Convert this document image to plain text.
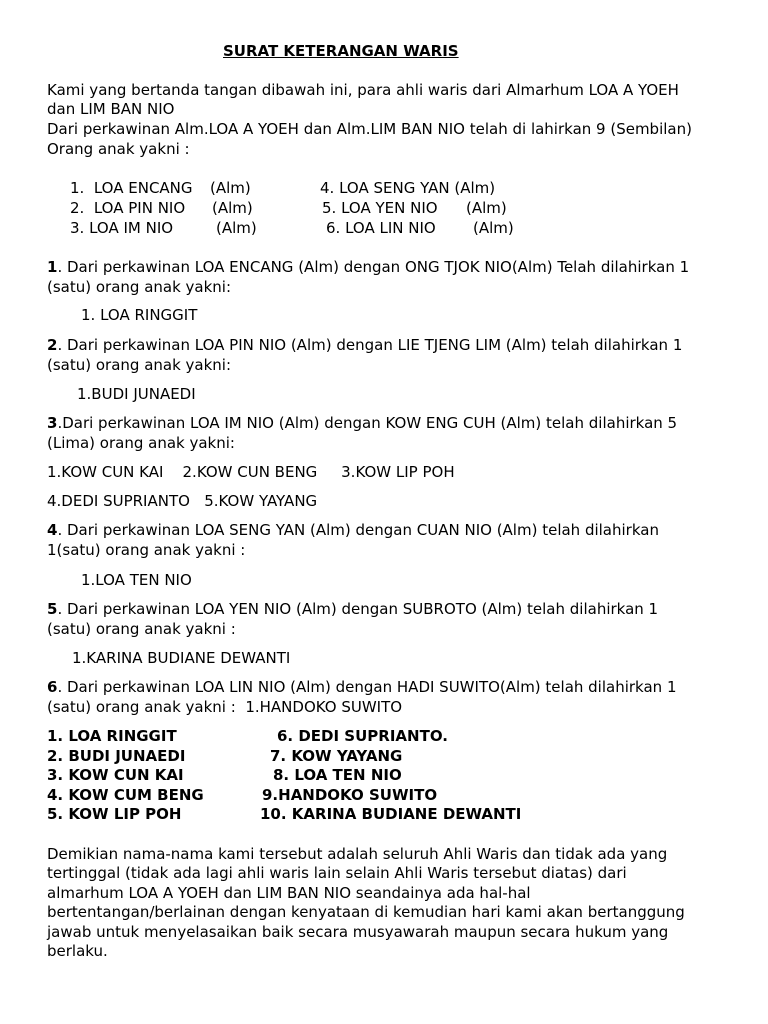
SURAT KETERANGAN WARIS
Kami yang bertanda tangan dibawah ini, para ahli waris dari Almarhum LOA A YOEH
dan LIM BAN NIO
Dari perkawinan Alm.LOA A YOEH dan Alm.LIM BAN NIO telah di lahirkan 9 (Sembilan)
Orang anak yakni :
1. LOA ENCANG (Alm)
2. LOA PIN NIO (Alm)
3. LOA IM NIO	(Alm)
4. LOA SENG YAN (Alm)
5. LOA YEN NIO (Alm)
6. LOA LIN NIO (Alm)
1. Dari perkawinan LOA ENCANG (Alm) dengan ONG TJOK NIO(Alm) Telah dilahirkan 1
(satu) orang anak yakni:
1. LOA RINGGIT
2. Dari perkawinan LOA PIN NIO (Alm) dengan LIE TJENG LIM (Alm) telah dilahirkan 1
(satu) orang anak yakni:
1.BUDI JUNAEDI
3.Dari perkawinan LOA IM NIO (Alm) dengan KOW ENG CUH (Alm) telah dilahirkan 5
(Lima) orang anak yakni:
1.KOW CUN KAI    2.KOW CUN BENG     3.KOW LIP POH
4.DEDI SUPRIANTO   5.KOW YAYANG
4. Dari perkawinan LOA SENG YAN (Alm) dengan CUAN NIO (Alm) telah dilahirkan
1(satu) orang anak yakni :
1.LOA TEN NIO
5. Dari perkawinan LOA YEN NIO (Alm) dengan SUBROTO (Alm) telah dilahirkan 1
(satu) orang anak yakni :
1.KARINA BUDIANE DEWANTI
6. Dari perkawinan LOA LIN NIO (Alm) dengan HADI SUWITO(Alm) telah dilahirkan 1
(satu) orang anak yakni :  1.HANDOKO SUWITO
1. LOA RINGGIT
2. BUDI JUNAEDI
3. KOW CUN KAI
4. KOW CUM BENG
5. KOW LIP POH
6. DEDI SUPRIANTO.
7. KOW YAYANG
8. LOA TEN NIO
9.HANDOKO SUWITO
10. KARINA BUDIANE DEWANTI
Demikian nama-nama kami tersebut adalah seluruh Ahli Waris dan tidak ada yang
tertinggal (tidak ada lagi ahli waris lain selain Ahli Waris tersebut diatas) dari
almarhum LOA A YOEH dan LIM BAN NIO seandainya ada hal-hal
bertentangan/berlainan dengan kenyataan di kemudian hari kami akan bertanggung
jawab untuk menyelasaikan baik secara musyawarah maupun secara hukum yang
berlaku.
